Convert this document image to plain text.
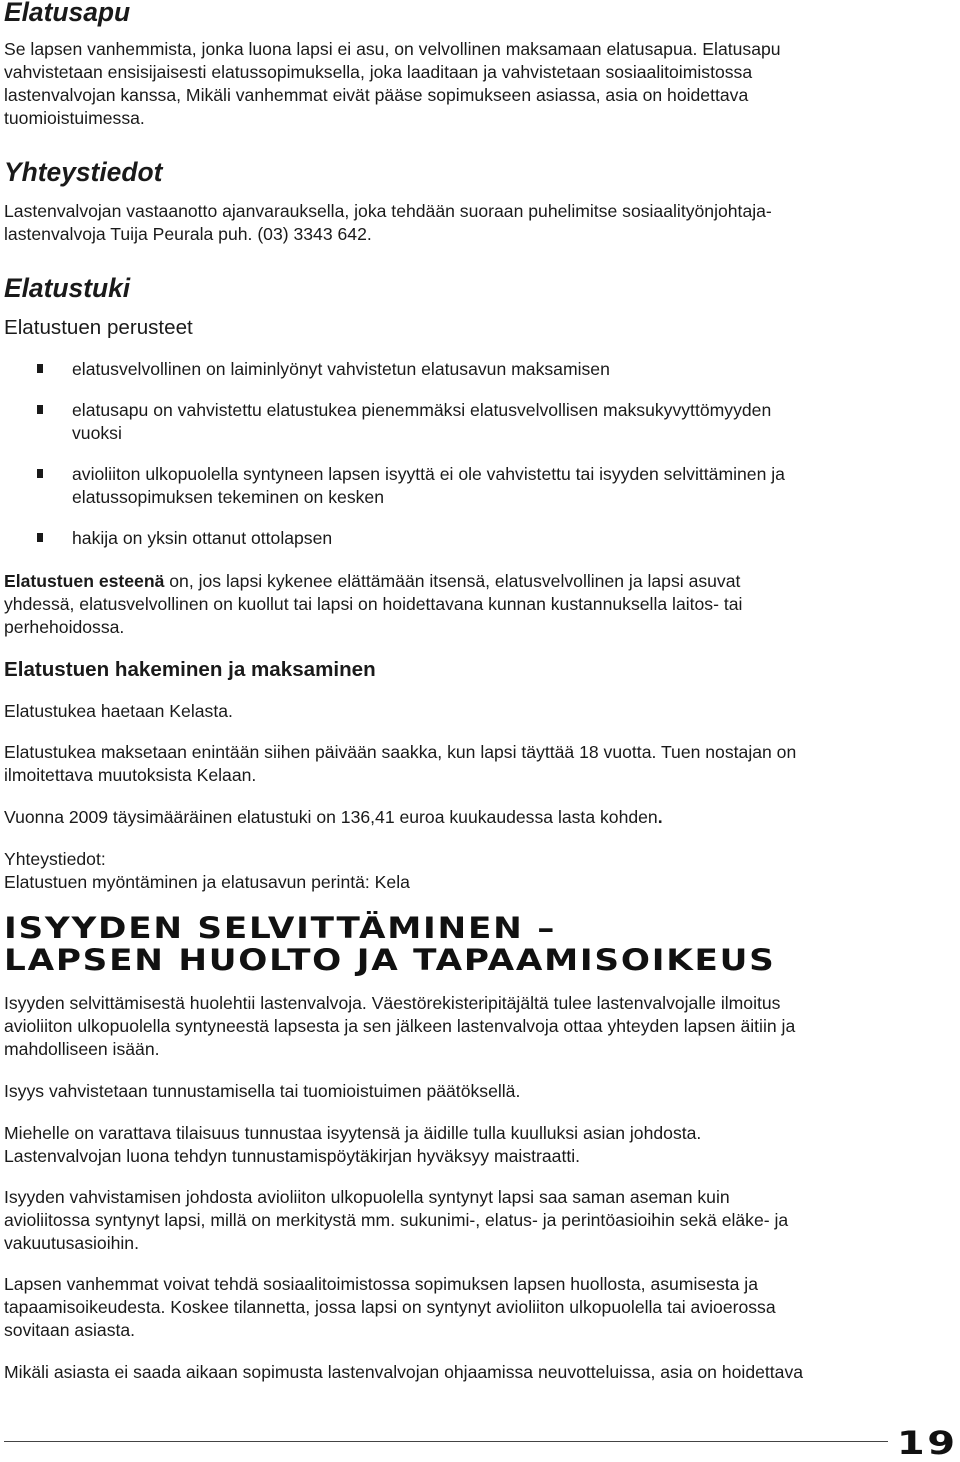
Elatusapu
Se lapsen vanhemmista, jonka luona lapsi ei asu, on velvollinen maksamaan elatusapua. Elatusapu
vahvistetaan ensisijaisesti elatussopimuksella, joka laaditaan ja vahvistetaan sosiaalitoimistossa
lastenvalvojan kanssa, Mikäli vanhemmat eivät pääse sopimukseen asiassa, asia on hoidettava
tuomioistuimessa.
Yhteystiedot
Lastenvalvojan vastaanotto ajanvarauksella, joka tehdään suoraan puhelimitse sosiaalityönjohtaja-
lastenvalvoja Tuija Peurala puh. (03) 3343 642.
Elatustuki
Elatustuen perusteet
elatusvelvollinen on laiminlyönyt vahvistetun elatusavun maksamisen
elatusapu on vahvistettu elatustukea pienemmäksi elatusvelvollisen maksukyvyttömyyden
vuoksi
avioliiton ulkopuolella syntyneen lapsen isyyttä ei ole vahvistettu tai isyyden selvittäminen ja
elatussopimuksen tekeminen on kesken
hakija on yksin ottanut ottolapsen
Elatustuen esteenä on, jos lapsi kykenee elättämään itsensä, elatusvelvollinen ja lapsi asuvat
yhdessä, elatusvelvollinen on kuollut tai lapsi on hoidettavana kunnan kustannuksella laitos- tai
perhehoidossa.
Elatustuen hakeminen ja maksaminen

Elatustukea haetaan Kelasta.

Elatustukea maksetaan enintään siihen päivään saakka, kun lapsi täyttää 18 vuotta. Tuen nostajan on
ilmoitettava muutoksista Kelaan.

Vuonna 2009 täysimääräinen elatustuki on 136,41 euroa kuukaudessa lasta kohden.

Yhteystiedot:
Elatustuen myöntäminen ja elatusavun perintä: Kela
ISYYDEN SELVITTÄMINEN –
LAPSEN HUOLTO JA TAPAAMISOIKEUS
Isyyden selvittämisestä huolehtii lastenvalvoja. Väestörekisteripitäjältä tulee lastenvalvojalle ilmoitus
avioliiton ulkopuolella syntyneestä lapsesta ja sen jälkeen lastenvalvoja ottaa yhteyden lapsen äitiin ja
mahdolliseen isään.

Isyys vahvistetaan tunnustamisella tai tuomioistuimen päätöksellä.

Miehelle on varattava tilaisuus tunnustaa isyytensä ja äidille tulla kuulluksi asian johdosta.
Lastenvalvojan luona tehdyn tunnustamispöytäkirjan hyväksyy maistraatti.
Isyyden vahvistamisen johdosta avioliiton ulkopuolella syntynyt lapsi saa saman aseman kuin
avioliitossa syntynyt lapsi, millä on merkitystä mm. sukunimi-, elatus- ja perintöasioihin sekä eläke- ja
vakuutusasioihin.
Lapsen vanhemmat voivat tehdä sosiaalitoimistossa sopimuksen lapsen huollosta, asumisesta ja
tapaamisoikeudesta. Koskee tilannetta, jossa lapsi on syntynyt avioliiton ulkopuolella tai avioerossa
sovitaan asiasta.

Mikäli asiasta ei saada aikaan sopimusta lastenvalvojan ohjaamissa neuvotteluissa, asia on hoidettava

19
